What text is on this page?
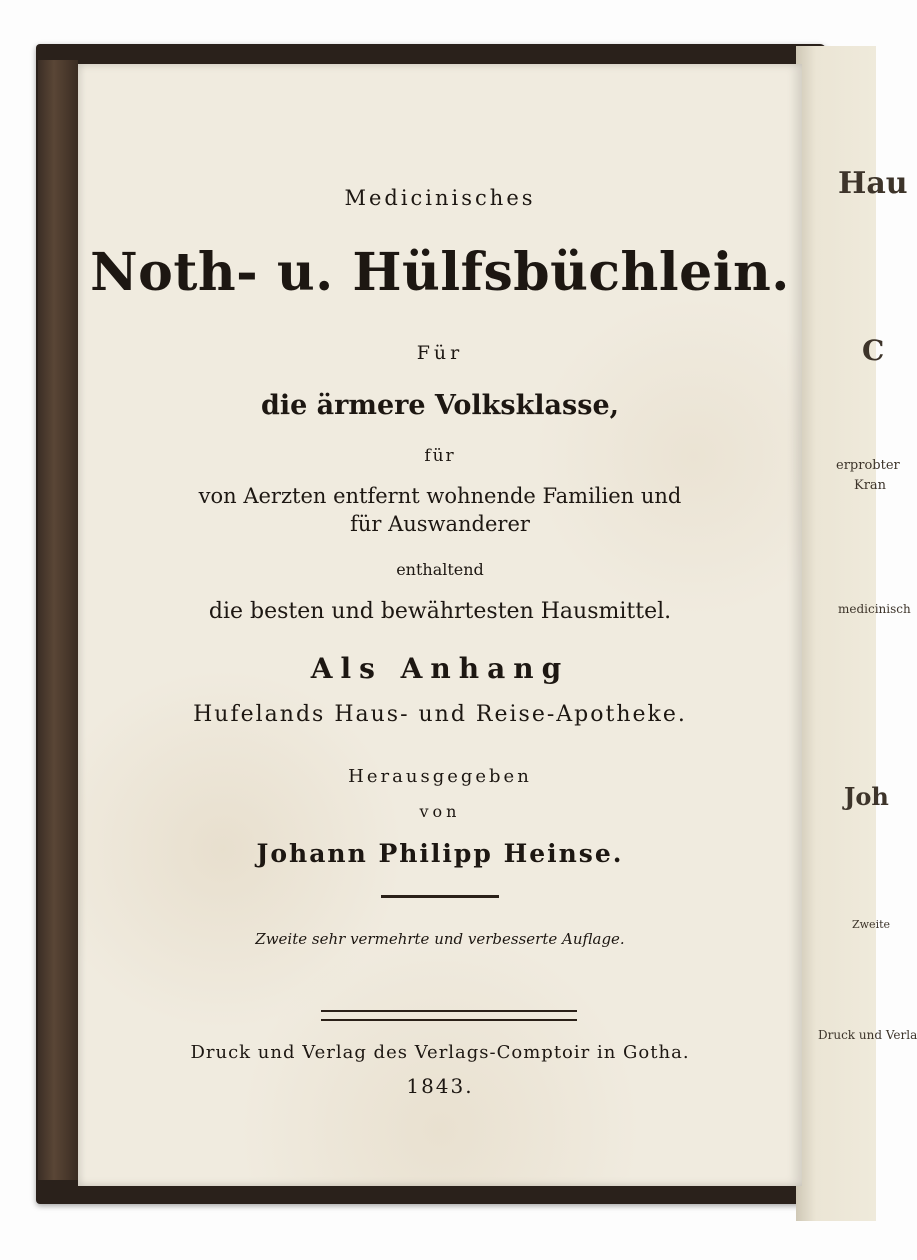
Hau
C
erprobter
Kran
medicinisch
Joh
Zweite
Druck und Verla
Medicinisches
Noth- u. Hülfsbüchlein.
Für
die ärmere Volksklasse,
für
von Aerzten entfernt wohnende Familien und
für Auswanderer
enthaltend
die besten und bewährtesten Hausmittel.
Als Anhang
Hufelands Haus- und Reise-Apotheke.
Herausgegeben
von
Johann Philipp Heinse.
Zweite sehr vermehrte und verbesserte Auflage.
Druck und Verlag des Verlags-Comptoir in Gotha.
1843.
